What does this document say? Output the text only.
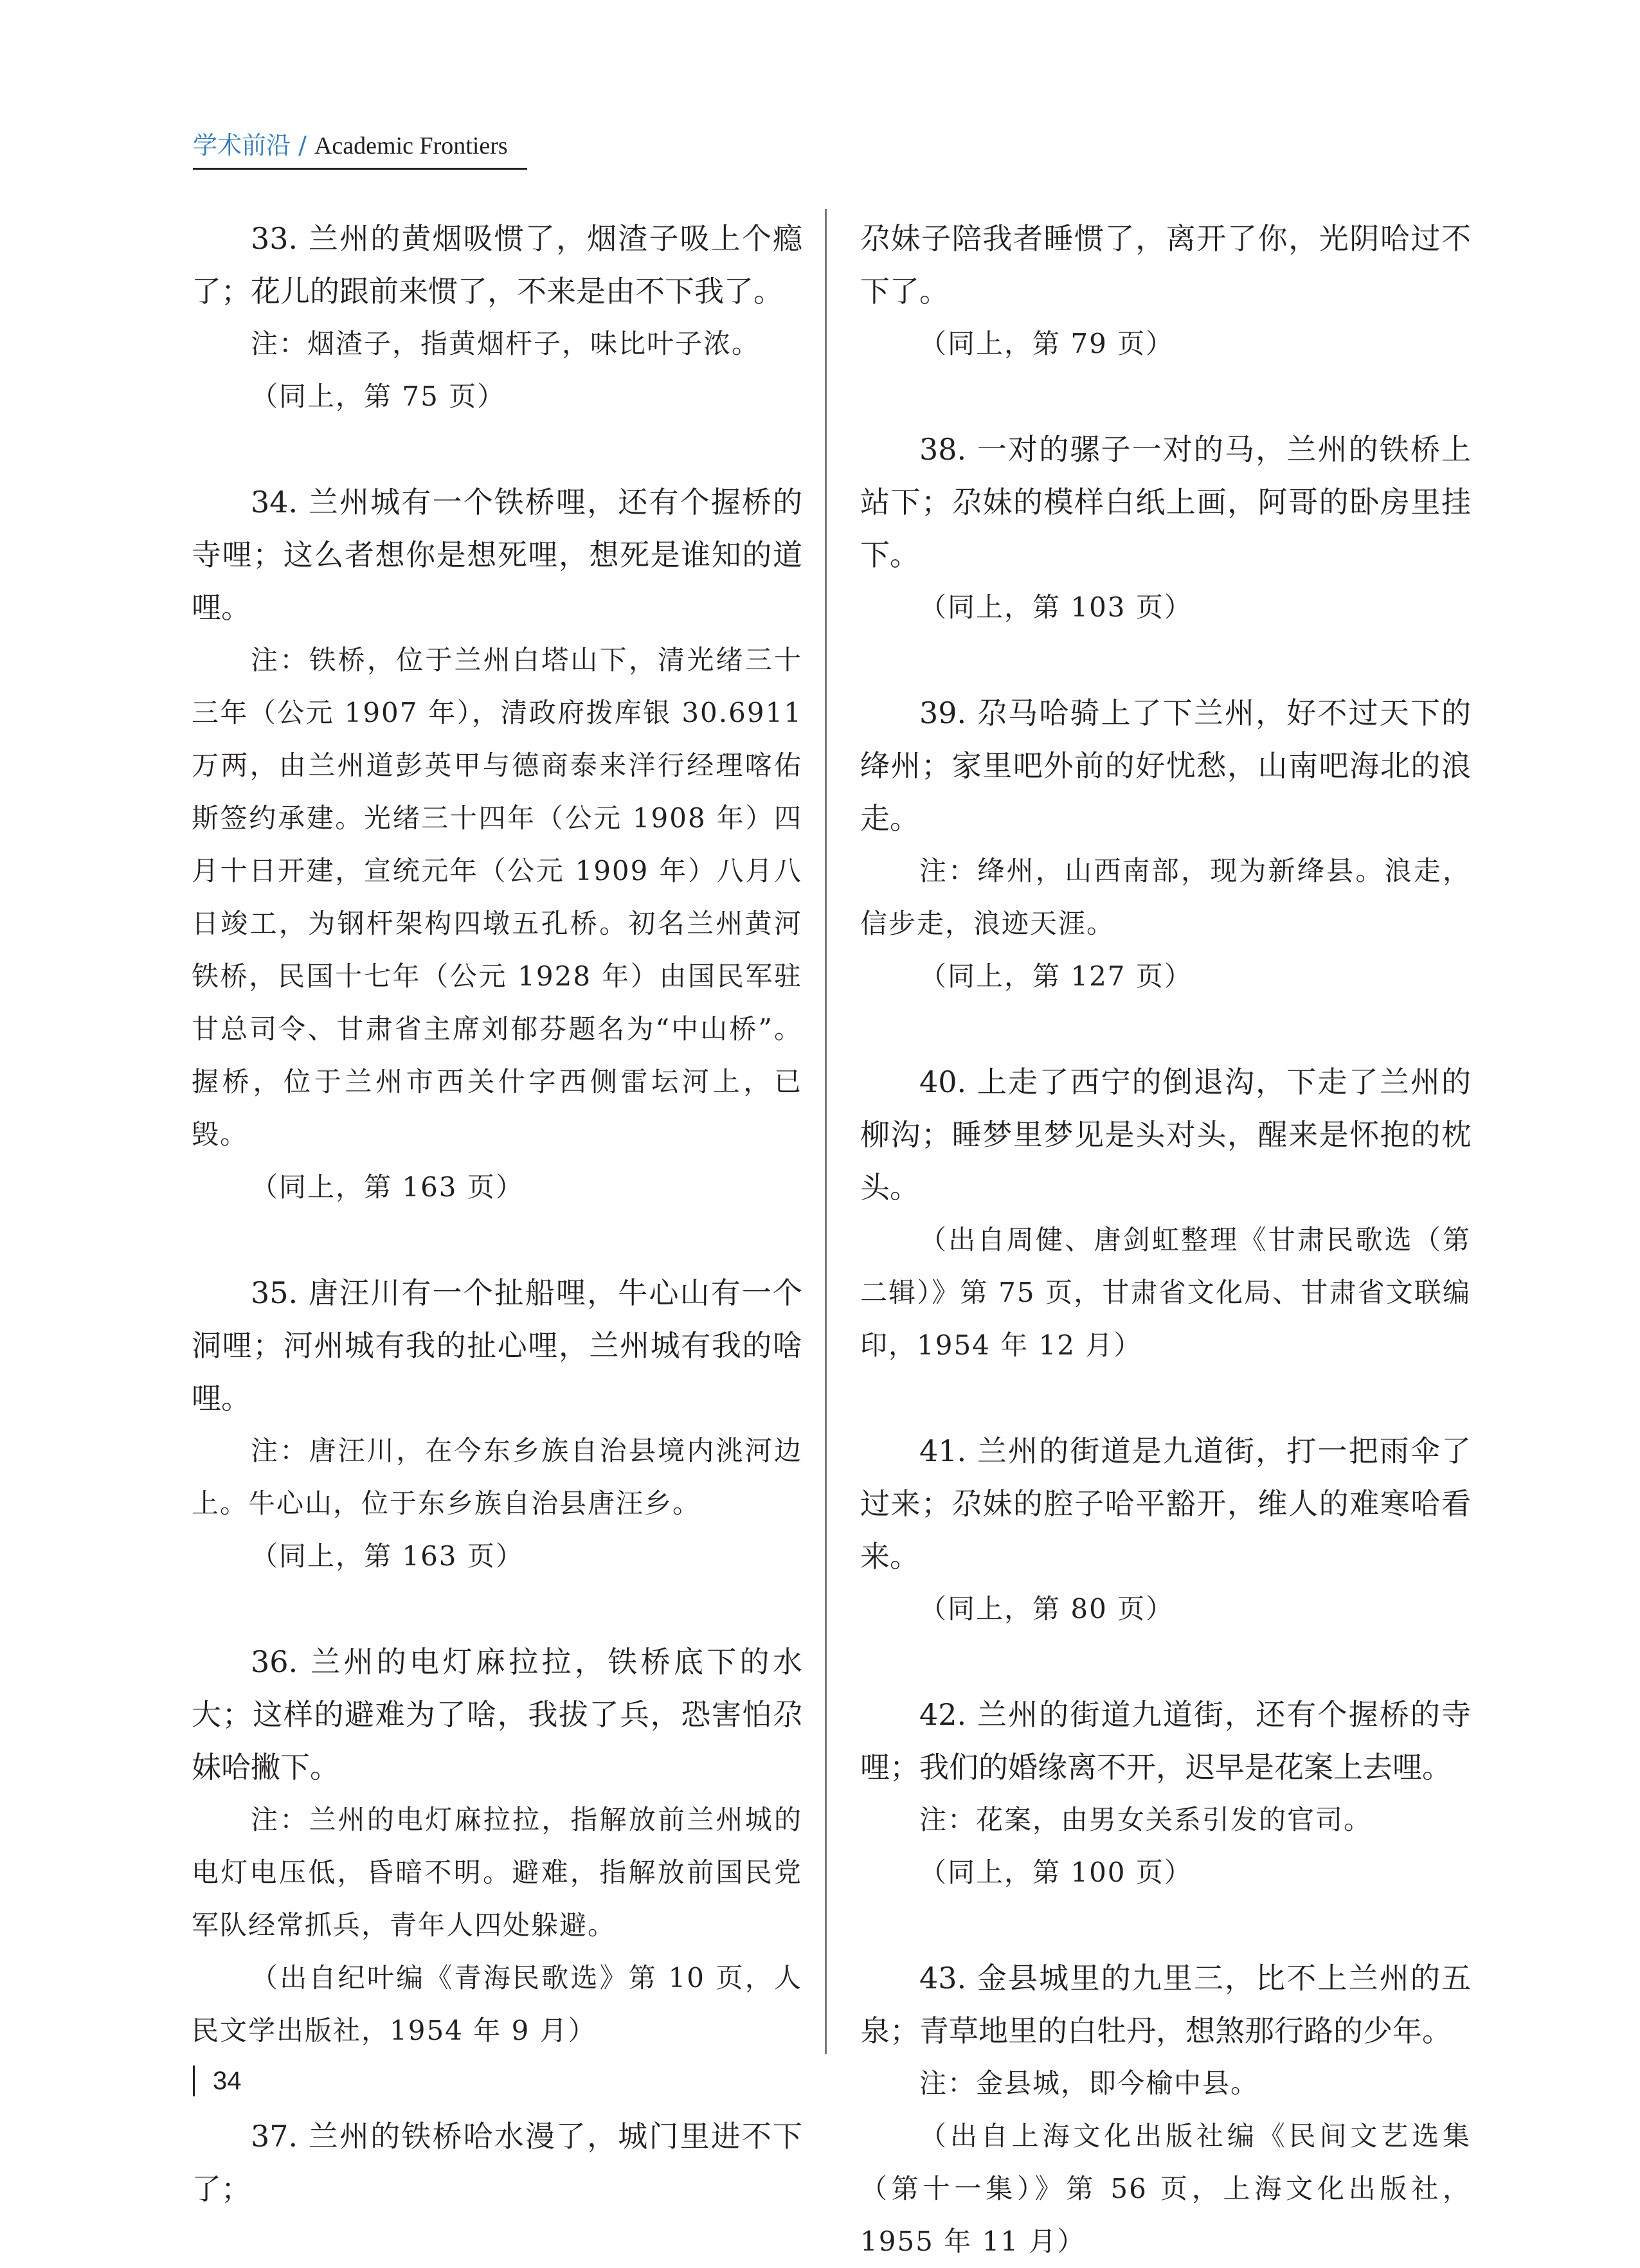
学术前沿 / Academic Frontiers

33. 兰州的黄烟吸惯了，烟渣子吸上个瘾了；花儿的跟前来惯了，不来是由不下我了。

注：烟渣子，指黄烟杆子，味比叶子浓。

（同上，第 75 页）

34. 兰州城有一个铁桥哩，还有个握桥的寺哩；这么者想你是想死哩，想死是谁知的道哩。

注：铁桥，位于兰州白塔山下，清光绪三十三年（公元 1907 年），清政府拨库银 30.6911 万两，由兰州道彭英甲与德商泰来洋行经理喀佑斯签约承建。光绪三十四年（公元 1908 年）四月十日开建，宣统元年（公元 1909 年）八月八日竣工，为钢杆架构四墩五孔桥。初名兰州黄河铁桥，民国十七年（公元 1928 年）由国民军驻甘总司令、甘肃省主席刘郁芬题名为“中山桥”。握桥，位于兰州市西关什字西侧雷坛河上，已毁。

（同上，第 163 页）

35. 唐汪川有一个扯船哩，牛心山有一个洞哩；河州城有我的扯心哩，兰州城有我的啥哩。

注：唐汪川，在今东乡族自治县境内洮河边上。牛心山，位于东乡族自治县唐汪乡。

（同上，第 163 页）

36. 兰州的电灯麻拉拉，铁桥底下的水大；这样的避难为了啥，我拔了兵，恐害怕尕妹哈撇下。

注：兰州的电灯麻拉拉，指解放前兰州城的电灯电压低，昏暗不明。避难，指解放前国民党军队经常抓兵，青年人四处躲避。

（出自纪叶编《青海民歌选》第 10 页，人民文学出版社，1954 年 9 月）

37. 兰州的铁桥哈水漫了，城门里进不下了；

尕妹子陪我者睡惯了，离开了你，光阴哈过不下了。

（同上，第 79 页）

38. 一对的骡子一对的马，兰州的铁桥上站下；尕妹的模样白纸上画，阿哥的卧房里挂下。

（同上，第 103 页）

39. 尕马哈骑上了下兰州，好不过天下的绛州；家里吧外前的好忧愁，山南吧海北的浪走。

注：绛州，山西南部，现为新绛县。浪走，信步走，浪迹天涯。

（同上，第 127 页）

40. 上走了西宁的倒退沟，下走了兰州的柳沟；睡梦里梦见是头对头，醒来是怀抱的枕头。

（出自周健、唐剑虹整理《甘肃民歌选（第二辑）》第 75 页，甘肃省文化局、甘肃省文联编印，1954 年 12 月）

41. 兰州的街道是九道街，打一把雨伞了过来；尕妹的腔子哈平豁开，维人的难寒哈看来。

（同上，第 80 页）

42. 兰州的街道九道街，还有个握桥的寺哩；我们的婚缘离不开，迟早是花案上去哩。

注：花案，由男女关系引发的官司。

（同上，第 100 页）

43. 金县城里的九里三，比不上兰州的五泉；青草地里的白牡丹，想煞那行路的少年。

注：金县城，即今榆中县。

（出自上海文化出版社编《民间文艺选集（第十一集）》第 56 页，上海文化出版社，1955 年 11 月）

34
